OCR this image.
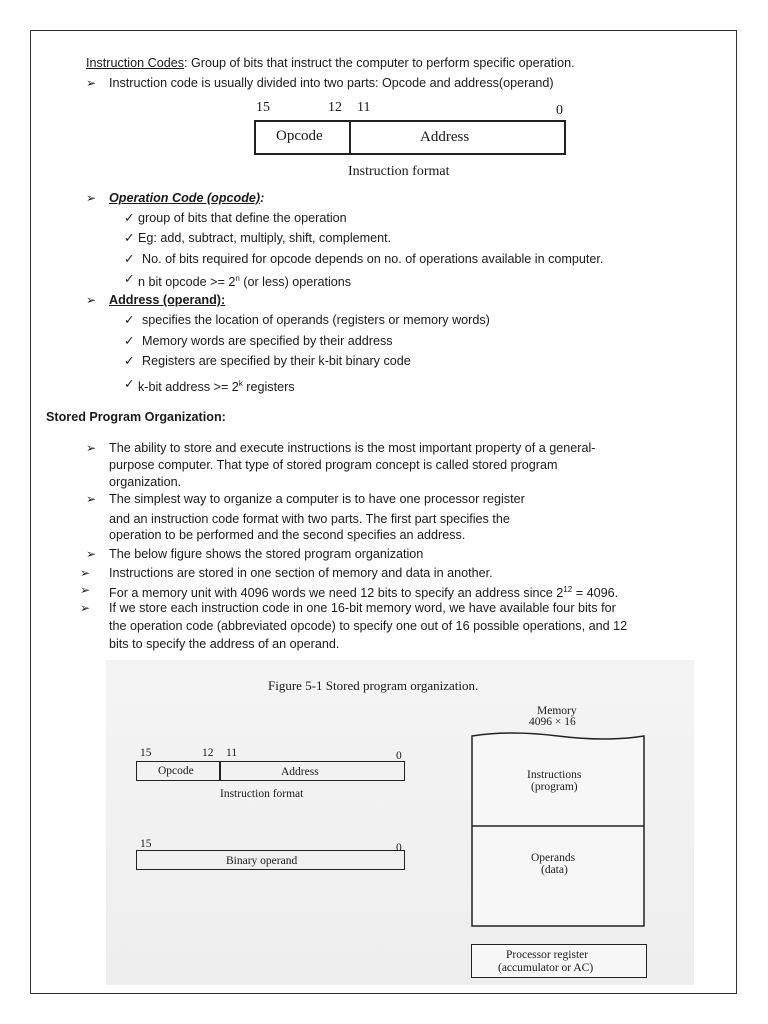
Instruction Codes: Group of bits that instruct the computer to perform specific operation.
➢ Instruction code is usually divided into two parts: Opcode and address(operand)
15	12 11	0
Opcode	Address
Instruction format
➢ Operation Code (opcode):
✓ group of bits that define the operation
✓ Eg: add, subtract, multiply, shift, complement.
✓ No. of bits required for opcode depends on no. of operations available in computer.
✓ n bit opcode >= $2^n$ (or less) operations
➢ Address (operand):
✓ specifies the location of operands (registers or memory words)
✓ Memory words are specified by their address
✓ Registers are specified by their k-bit binary code
✓ k-bit address >= $2^k$ registers
Stored Program Organization:
➢ The ability to store and execute instructions is the most important property of a general-
purpose computer. That type of stored program concept is called stored program
organization.
➢ The simplest way to organize a computer is to have one processor register
and an instruction code format with two parts. The first part specifies the
operation to be performed and the second specifies an address.
➢ The below figure shows the stored program organization
➢ Instructions are stored in one section of memory and data in another.
➢ For a memory unit with 4096 words we need 12 bits to specify an address since $2^{12} = 4096$.
➢ If we store each instruction code in one 16-bit memory word, we have available four bits for
the operation code (abbreviated opcode) to specify one out of 16 possible operations, and 12
bits to specify the address of an operand.
Figure 5-1 Stored program organization.
Memory
4096 × 16
15	12 11	0
Opcode	Address
Instruction format
15	0
Binary operand
Instructions
(program)
Operands
(data)
Processor register
(accumulator or AC)
